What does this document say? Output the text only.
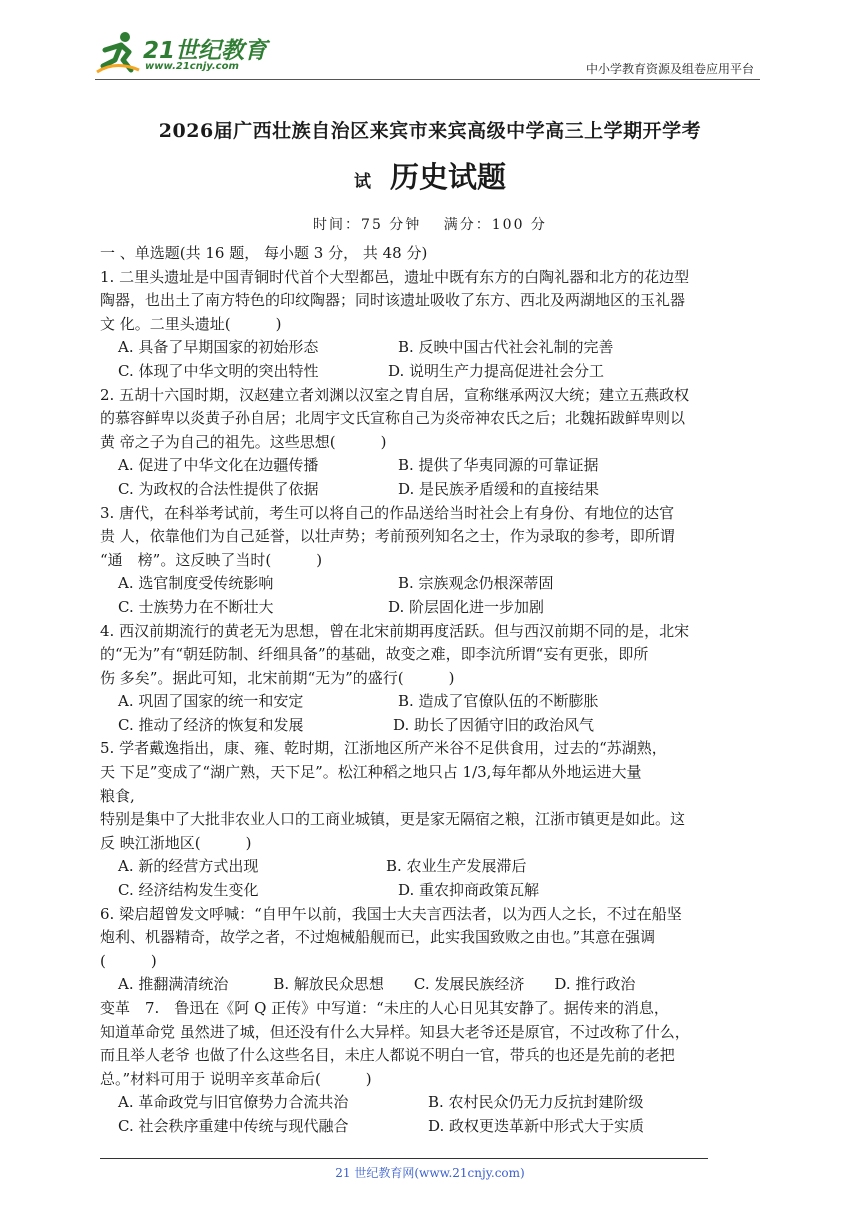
21世纪教育
www.21cnjy.com	中小学教育资源及组卷应用平台
2026届广西壮族自治区来宾市来宾高级中学高三上学期开学考
试 历史试题
时间：75 分钟　 满分：100 分
一 、单选题(共 16 题， 每小题 3 分， 共 48 分)
1. 二里头遗址是中国青铜时代首个大型都邑，遗址中既有东方的白陶礼器和北方的花边型
陶器，也出土了南方特色的印纹陶器；同时该遗址吸收了东方、西北及两湖地区的玉礼器
文 化。二里头遗址(　　　)
A. 具备了早期国家的初始形态	B. 反映中国古代社会礼制的完善
C. 体现了中华文明的突出特性	D. 说明生产力提高促进社会分工
2. 五胡十六国时期，汉赵建立者刘渊以汉室之胄自居，宣称继承两汉大统；建立五燕政权
的慕容鲜卑以炎黄子孙自居；北周宇文氏宣称自己为炎帝神农氏之后；北魏拓跋鲜卑则以
黄 帝之子为自己的祖先。这些思想(　　　)
A. 促进了中华文化在边疆传播	B. 提供了华夷同源的可靠证据
C. 为政权的合法性提供了依据	D. 是民族矛盾缓和的直接结果
3. 唐代，在科举考试前，考生可以将自己的作品送给当时社会上有身份、有地位的达官
贵 人，依靠他们为自己延誉，以壮声势；考前预列知名之士，作为录取的参考，即所谓
“通　榜”。这反映了当时(　　　)
A. 选官制度受传统影响	B. 宗族观念仍根深蒂固
C. 士族势力在不断壮大	D. 阶层固化进一步加剧
4. 西汉前期流行的黄老无为思想，曾在北宋前期再度活跃。但与西汉前期不同的是，北宋
的“无为”有“朝廷防制、纤细具备”的基础，故变之难，即李沆所谓“妄有更张，即所
伤 多矣”。据此可知，北宋前期“无为”的盛行(　　　)
A. 巩固了国家的统一和安定	B. 造成了官僚队伍的不断膨胀
C. 推动了经济的恢复和发展	D. 助长了因循守旧的政治风气
5. 学者戴逸指出，康、雍、乾时期，江浙地区所产米谷不足供食用，过去的“苏湖熟，
天 下足”变成了“湖广熟，天下足”。松江种稻之地只占 1/3,每年都从外地运进大量
粮食,
特别是集中了大批非农业人口的工商业城镇，更是家无隔宿之粮，江浙市镇更是如此。这
反 映江浙地区(　　　)
A. 新的经营方式出现	B. 农业生产发展滞后
C. 经济结构发生变化	D. 重农抑商政策瓦解
6. 梁启超曾发文呼喊：“自甲午以前，我国士大夫言西法者，以为西人之长，不过在船坚
炮利、机器精奇，故学之者，不过炮械船舰而已，此实我国致败之由也。”其意在强调
(　　　)
A. 推翻满清统治　　　B. 解放民众思想　　C. 发展民族经济　　D. 推行政治
变革　7.　鲁迅在《阿 Q 正传》中写道：“未庄的人心日见其安静了。据传来的消息，
知道革命党 虽然进了城，但还没有什么大异样。知县大老爷还是原官，不过改称了什么，
而且举人老爷 也做了什么这些名目，未庄人都说不明白一官，带兵的也还是先前的老把
总。”材料可用于 说明辛亥革命后(　　　)
A. 革命政党与旧官僚势力合流共治	B. 农村民众仍无力反抗封建阶级
C. 社会秩序重建中传统与现代融合	D. 政权更迭革新中形式大于实质
21 世纪教育网(www.21cnjy.com)
